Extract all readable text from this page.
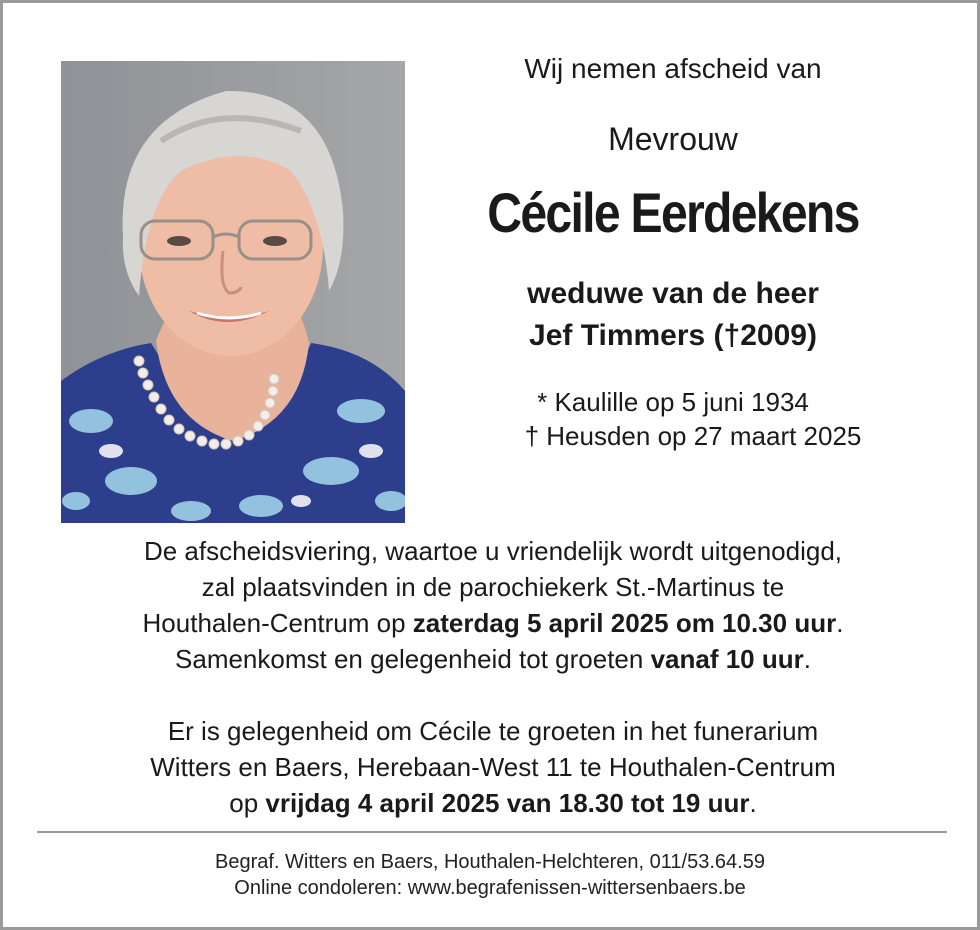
Wij nemen afscheid van
Mevrouw
Cécile Eerdekens
weduwe van de heer
Jef Timmers (†2009)
* Kaulille op 5 juni 1934
† Heusden op 27 maart 2025

De afscheidsviering, waartoe u vriendelijk wordt uitgenodigd,

zal plaatsvinden in de parochiekerk St.-Martinus te

Houthalen-Centrum op zaterdag 5 april 2025 om 10.30 uur.

Samenkomst en gelegenheid tot groeten vanaf 10 uur.

Er is gelegenheid om Cécile te groeten in het funerarium

Witters en Baers, Herebaan-West 11 te Houthalen-Centrum

op vrijdag 4 april 2025 van 18.30 tot 19 uur.

Begraf. Witters en Baers, Houthalen-Helchteren, 011/53.64.59
Online condoleren: www.begrafenissen-wittersenbaers.be
